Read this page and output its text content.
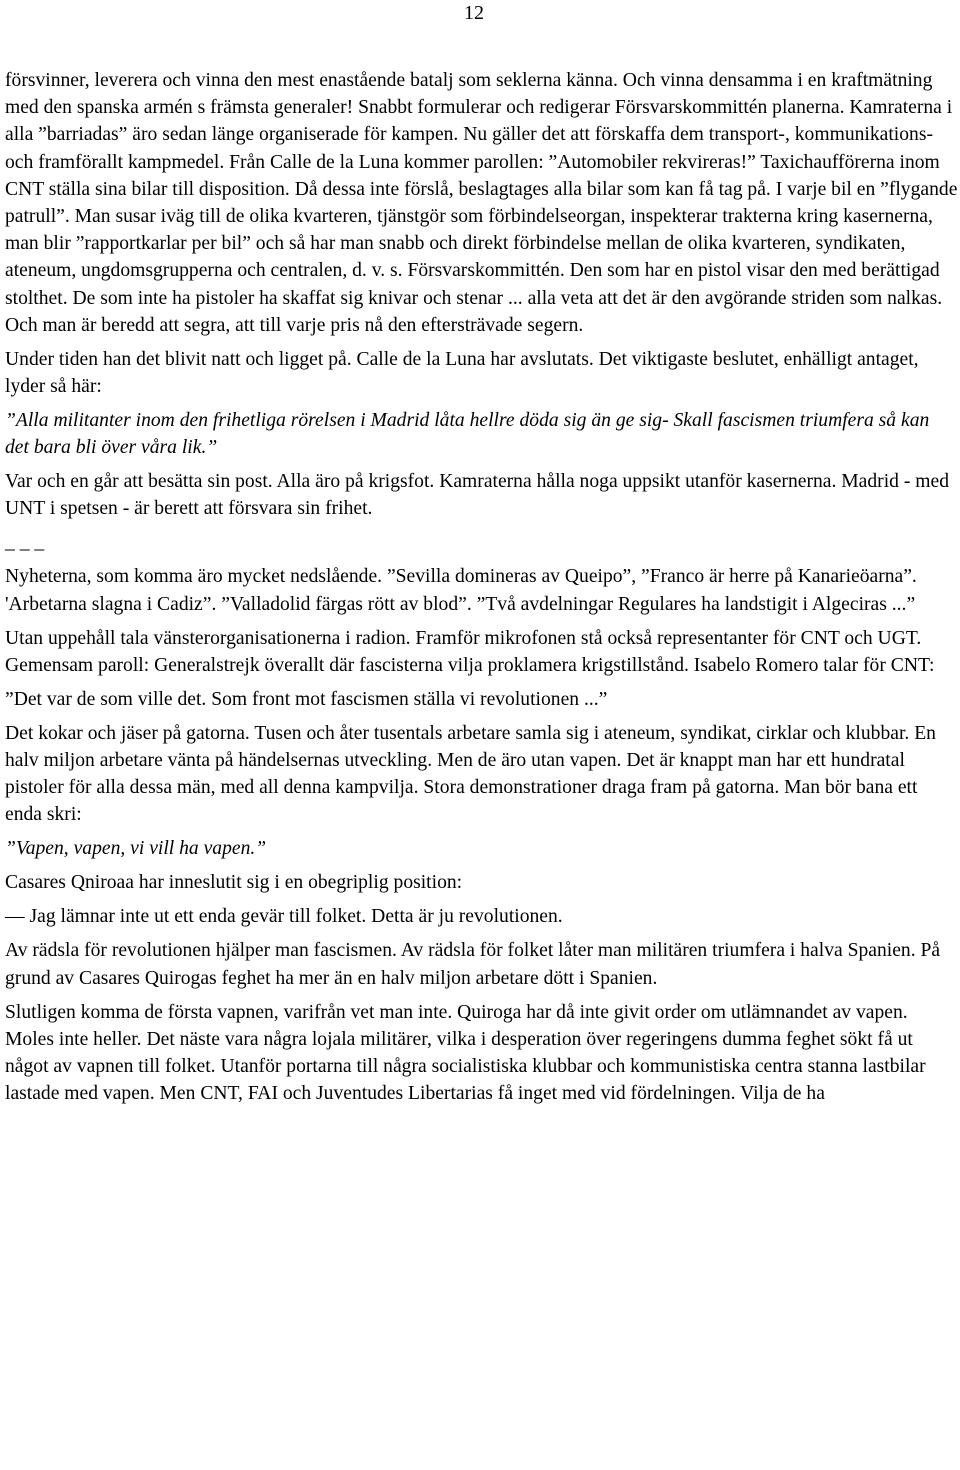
12

försvinner, leverera och vinna den mest enastående batalj som seklerna känna. Och vinna densamma i en kraftmätning med den spanska armén s främsta generaler! Snabbt formulerar och redigerar Försvarskommittén planerna. Kamraterna i alla ”barriadas” äro sedan länge organiserade för kampen. Nu gäller det att förskaffa dem transport-, kommunikations- och framförallt kampmedel. Från Calle de la Luna kommer parollen: ”Automobiler rekvireras!” Taxichaufförerna inom CNT ställa sina bilar till disposition. Då dessa inte förslå, beslagtages alla bilar som kan få tag på. I varje bil en ”flygande patrull”. Man susar iväg till de olika kvarteren, tjänstgör som förbindelseorgan, inspekterar trakterna kring kasernerna, man blir ”rapportkarlar per bil” och så har man snabb och direkt förbindelse mellan de olika kvarteren, syndikaten, ateneum, ungdomsgrupperna och centralen, d. v. s. Försvarskommittén. Den som har en pistol visar den med berättigad stolthet. De som inte ha pistoler ha skaffat sig knivar och stenar ... alla veta att det är den avgörande striden som nalkas. Och man är beredd att segra, att till varje pris nå den eftersträvade segern.

Under tiden han det blivit natt och ligget på. Calle de la Luna har avslutats. Det viktigaste beslutet, enhälligt antaget, lyder så här:

”Alla militanter inom den frihetliga rörelsen i Madrid låta hellre döda sig än ge sig- Skall fascismen triumfera så kan det bara bli över våra lik.”

Var och en går att besätta sin post. Alla äro på krigsfot. Kamraterna hålla noga uppsikt utanför kasernerna. Madrid - med UNT i spetsen - är berett att försvara sin frihet.

_ _ _

Nyheterna, som komma äro mycket nedslående. ”Sevilla domineras av Queipo”, ”Franco är herre på Kanarieöarna”. 'Arbetarna slagna i Cadiz”. ”Valladolid färgas rött av blod”. ”Två avdelningar Regulares ha landstigit i Algeciras ...”

Utan uppehåll tala vänsterorganisationerna i radion. Framför mikrofonen stå också representanter för CNT och UGT. Gemensam paroll: Generalstrejk överallt där fascisterna vilja proklamera krigstillstånd. Isabelo Romero talar för CNT:

”Det var de som ville det. Som front mot fascismen ställa vi revolutionen ...”

Det kokar och jäser på gatorna. Tusen och åter tusentals arbetare samla sig i ateneum, syndikat, cirklar och klubbar. En halv miljon arbetare vänta på händelsernas utveckling. Men de äro utan vapen. Det är knappt man har ett hundratal pistoler för alla dessa män, med all denna kampvilja. Stora demonstrationer draga fram på gatorna. Man bör bana ett enda skri:

”Vapen, vapen, vi vill ha vapen.”

Casares Qniroaa har inneslutit sig i en obegriplig position:

— Jag lämnar inte ut ett enda gevär till folket. Detta är ju revolutionen.

Av rädsla för revolutionen hjälper man fascismen. Av rädsla för folket låter man militären triumfera i halva Spanien. På grund av Casares Quirogas feghet ha mer än en halv miljon arbetare dött i Spanien.

Slutligen komma de första vapnen, varifrån vet man inte. Quiroga har då inte givit order om utlämnandet av vapen. Moles inte heller. Det näste vara några lojala militärer, vilka i desperation över regeringens dumma feghet sökt få ut något av vapnen till folket. Utanför portarna till några socialistiska klubbar och kommunistiska centra stanna lastbilar lastade med vapen. Men CNT, FAI och Juventudes Libertarias få inget med vid fördelningen. Vilja de ha
